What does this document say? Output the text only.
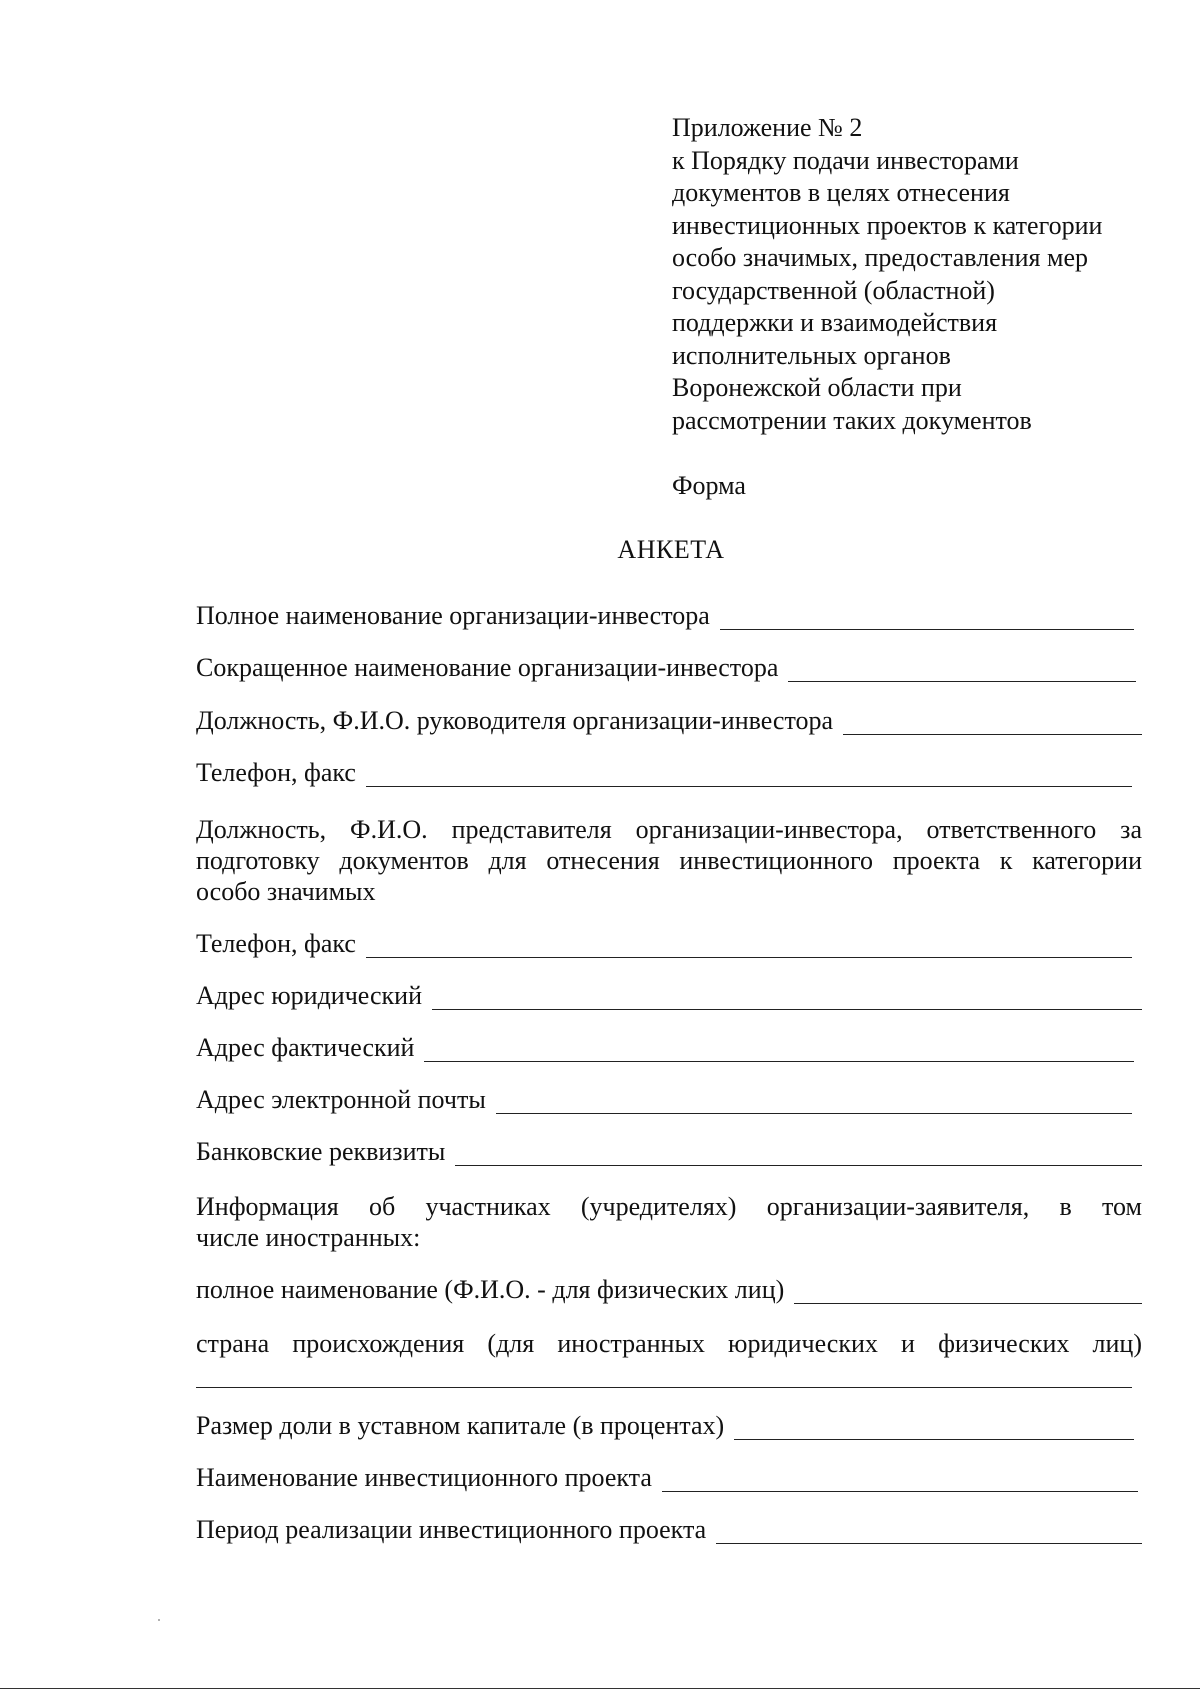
Приложение № 2
к Порядку подачи инвесторами
документов в целях отнесения
инвестиционных проектов к категории
особо значимых, предоставления мер
государственной (областной)
поддержки и взаимодействия
исполнительных органов
Воронежской области при
рассмотрении таких документов
Форма
АНКЕТА
Полное наименование организации-инвестора
Сокращенное наименование организации-инвестора
Должность, Ф.И.О. руководителя организации-инвестора
Телефон, факс
Должность, Ф.И.О. представителя организации-инвестора, ответственного за
подготовку документов для отнесения инвестиционного проекта к категории
особо значимых
Телефон, факс
Адрес юридический
Адрес фактический
Адрес электронной почты
Банковские реквизиты
Информация об участниках (учредителях) организации-заявителя, в том
числе иностранных:
полное наименование (Ф.И.О. - для физических лиц)
страна происхождения (для иностранных юридических и физических лиц)
Размер доли в уставном капитале (в процентах)
Наименование инвестиционного проекта
Период реализации инвестиционного проекта
